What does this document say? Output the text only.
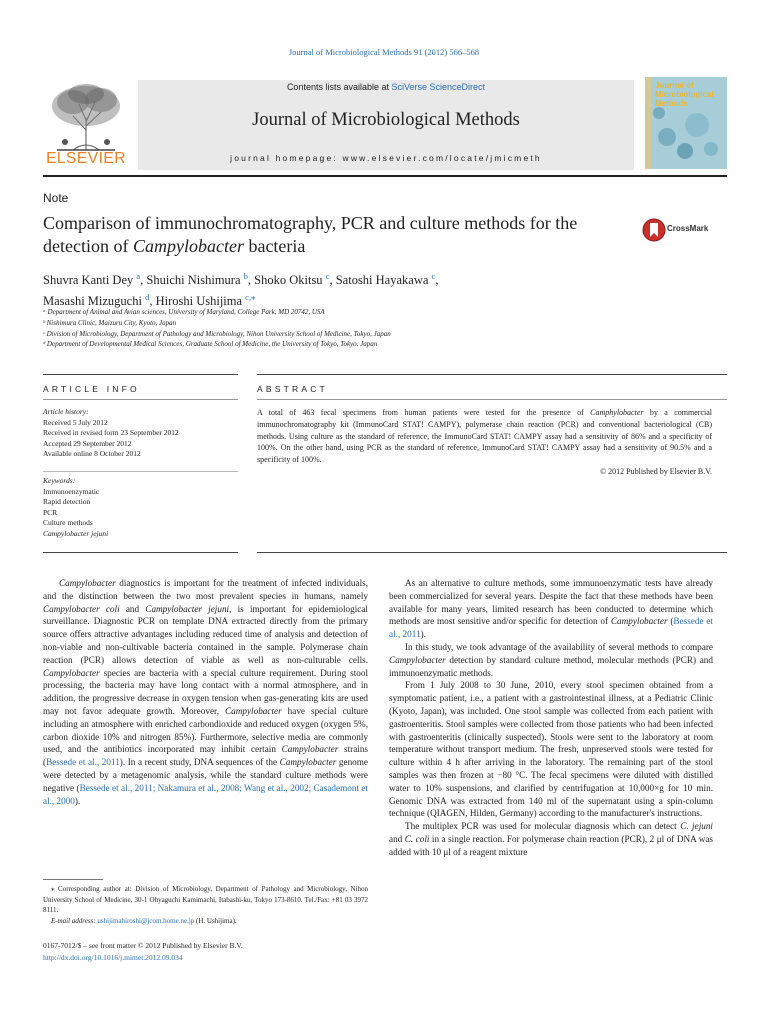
Journal of Microbiological Methods 91 (2012) 566–568
ELSEVIER
Contents lists available at SciVerse ScienceDirect
Journal of Microbiological Methods
journal homepage: www.elsevier.com/locate/jmicmeth
Journal of Microbiological Methods
Note
Comparison of immunochromatography, PCR and culture methods for the detection of Campylobacter bacteria
CrossMark
Shuvra Kanti Dey $^a$, Shuichi Nishimura $^b$, Shoko Okitsu $^c$, Satoshi Hayakawa $^c$,
Masashi Mizuguchi $^d$, Hiroshi Ushijima $^{c,⁎}$
ᵃ Department of Animal and Avian sciences, University of Maryland, College Park, MD 20742, USA
ᵇ Nishimura Clinic, Maizuru City, Kyoto, Japan
ᶜ Division of Microbiology, Department of Pathology and Microbiology, Nihon University School of Medicine, Tokyo, Japan
ᵈ Department of Developmental Medical Sciences, Graduate School of Medicine, the University of Tokyo, Tokyo, Japan
ARTICLE INFO	ABSTRACT
Article history:
Received 5 July 2012
Received in revised form 23 September 2012
Accepted 29 September 2012
Available online 8 October 2012
Keywords:
Immunoenzymatic
Rapid detection
PCR
Culture methods
Campylobacter jejuni
A total of 463 fecal specimens from human patients were tested for the presence of Camphylobacter by a commercial immunochromatography kit (ImmunoCard STAT! CAMPY), polymerase chain reaction (PCR) and conventional bacteriological (CB) methods. Using culture as the standard of reference, the ImmunoCard STAT! CAMPY assay had a sensitivity of 86% and a specificity of 100%. On the other hand, using PCR as the standard of reference, ImmunoCard STAT! CAMPY assay had a sensitivity of 90.5% and a specificity of 100%.
© 2012 Published by Elsevier B.V.

Campylobacter diagnostics is important for the treatment of infected individuals, and the distinction between the two most prevalent species in humans, namely Campylobacter coli and Campylobacter jejuni, is important for epidemiological surveillance. Diagnostic PCR on template DNA extracted directly from the primary source offers attractive advantages including reduced time of analysis and detection of non-viable and non-cultivable bacteria contained in the sample. Polymerase chain reaction (PCR) allows detection of viable as well as non-culturable cells. Campylobacter species are bacteria with a special culture requirement. During stool processing, the bacteria may have long contact with a normal atmosphere, and in addition, the progressive decrease in oxygen tension when gas-generating kits are used may not favor adequate growth. Moreover, Campylobacter have special culture including an atmosphere with enriched carbondioxide and reduced oxygen (oxygen 5%, carbon dioxide 10% and nitrogen 85%). Furthermore, selective media are commonly used, and the antibiotics incorporated may inhibit certain Campylobacter strains (Bessede et al., 2011). In a recent study, DNA sequences of the Campylobacter genome were detected by a metagenomic analysis, while the standard culture methods were negative (Bessede et al., 2011; Nakamura et al., 2008; Wang et al., 2002; Casademont et al., 2000).

As an alternative to culture methods, some immunoenzymatic tests have already been commercialized for several years. Despite the fact that these methods have been available for many years, limited research has been conducted to determine which methods are most sensitive and/or specific for detection of Campylobacter (Bessede et al., 2011).

In this study, we took advantage of the availability of several methods to compare Campylobacter detection by standard culture method, molecular methods (PCR) and immunoenzymatic methods.

From 1 July 2008 to 30 June, 2010, every stool specimen obtained from a symptomatic patient, i.e., a patient with a gastrointestinal illness, at a Pediatric Clinic (Kyoto, Japan), was included. One stool sample was collected from each patient with gastroenteritis. Stool samples were collected from those patients who had been infected with gastroenteritis (clinically suspected). Stools were sent to the laboratory at room temperature without transport medium. The fresh, unpreserved stools were tested for culture within 4 h after arriving in the laboratory. The remaining part of the stool samples was then frozen at −80 °C. The fecal specimens were diluted with distilled water to 10% suspensions, and clarified by centrifugation at 10,000×g for 10 min. Genomic DNA was extracted from 140 ml of the supernatant using a spin-column technique (QIAGEN, Hilden, Germany) according to the manufacturer's instructions.

The multiplex PCR was used for molecular diagnosis which can detect C. jejuni and C. coli in a single reaction. For polymerase chain reaction (PCR), 2 μl of DNA was added with 10 μl of a reagent mixture

⁎ Corresponding author at: Division of Microbiology, Department of Pathology and Microbiology, Nihon University School of Medicine, 30-1 Ohyaguchi Kamimachi, Itabashi-ku, Tokyo 173-8610. Tel./Fax: +81 03 3972 8111.

E-mail address: ushijimahiroshi@jcom.home.ne.jp (H. Ushijima).

0167-7012/$ – see front matter © 2012 Published by Elsevier B.V.
http://dx.doi.org/10.1016/j.mimet.2012.09.034
